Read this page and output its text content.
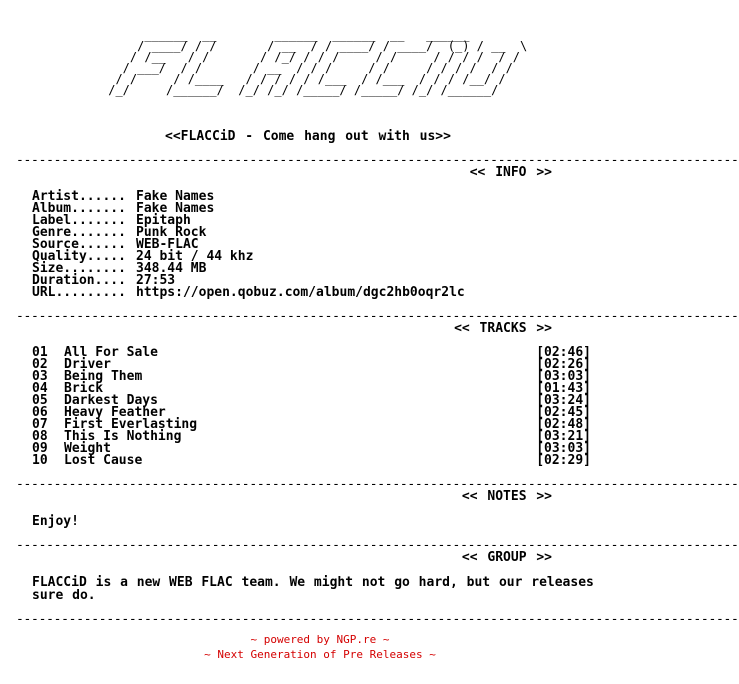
______  __        ______  ______  __   ______
/ ____/ / /       / __  / / ____/ / ____/  (_) / __  \
/ /__   / /       / /_/ / / /     / /     / / / /  / /
/ ___/  / /       / __  / / /     / /     / / / /  / /
/ /     / /____   / / / / / /___  / /___  / / / /__/ /
/_/     /______/  /_/ /_/ /_____/ /_____/ /_/ /______/
<<FLACCiD - Come hang out with us>>
------------------------------------------------------------------------------------------------
<< INFO >>
Artist...... Fake Names
Album....... Fake Names
Label....... Epitaph
Genre....... Punk Rock
Source...... WEB-FLAC
Quality..... 24 bit / 44 khz
Size........ 348.44 MB
Duration.... 27:53
URL......... https://open.qobuz.com/album/dgc2hb0oqr2lc
------------------------------------------------------------------------------------------------
<< TRACKS >>
01	All For Sale	[02:46]
02	Driver	[02:26]
03	Being Them	[03:03]
04	Brick	[01:43]
05	Darkest Days	[03:24]
06	Heavy Feather	[02:45]
07	First Everlasting	[02:48]
08	This Is Nothing	[03:21]
09	Weight	[03:03]
10	Lost Cause	[02:29]
------------------------------------------------------------------------------------------------
<< NOTES >>
Enjoy!
------------------------------------------------------------------------------------------------
<< GROUP >>
FLACCiD is a new WEB FLAC team. We might not go hard, but our releases sure do.
------------------------------------------------------------------------------------------------
~ powered by NGP.re ~
~ Next Generation of Pre Releases ~
